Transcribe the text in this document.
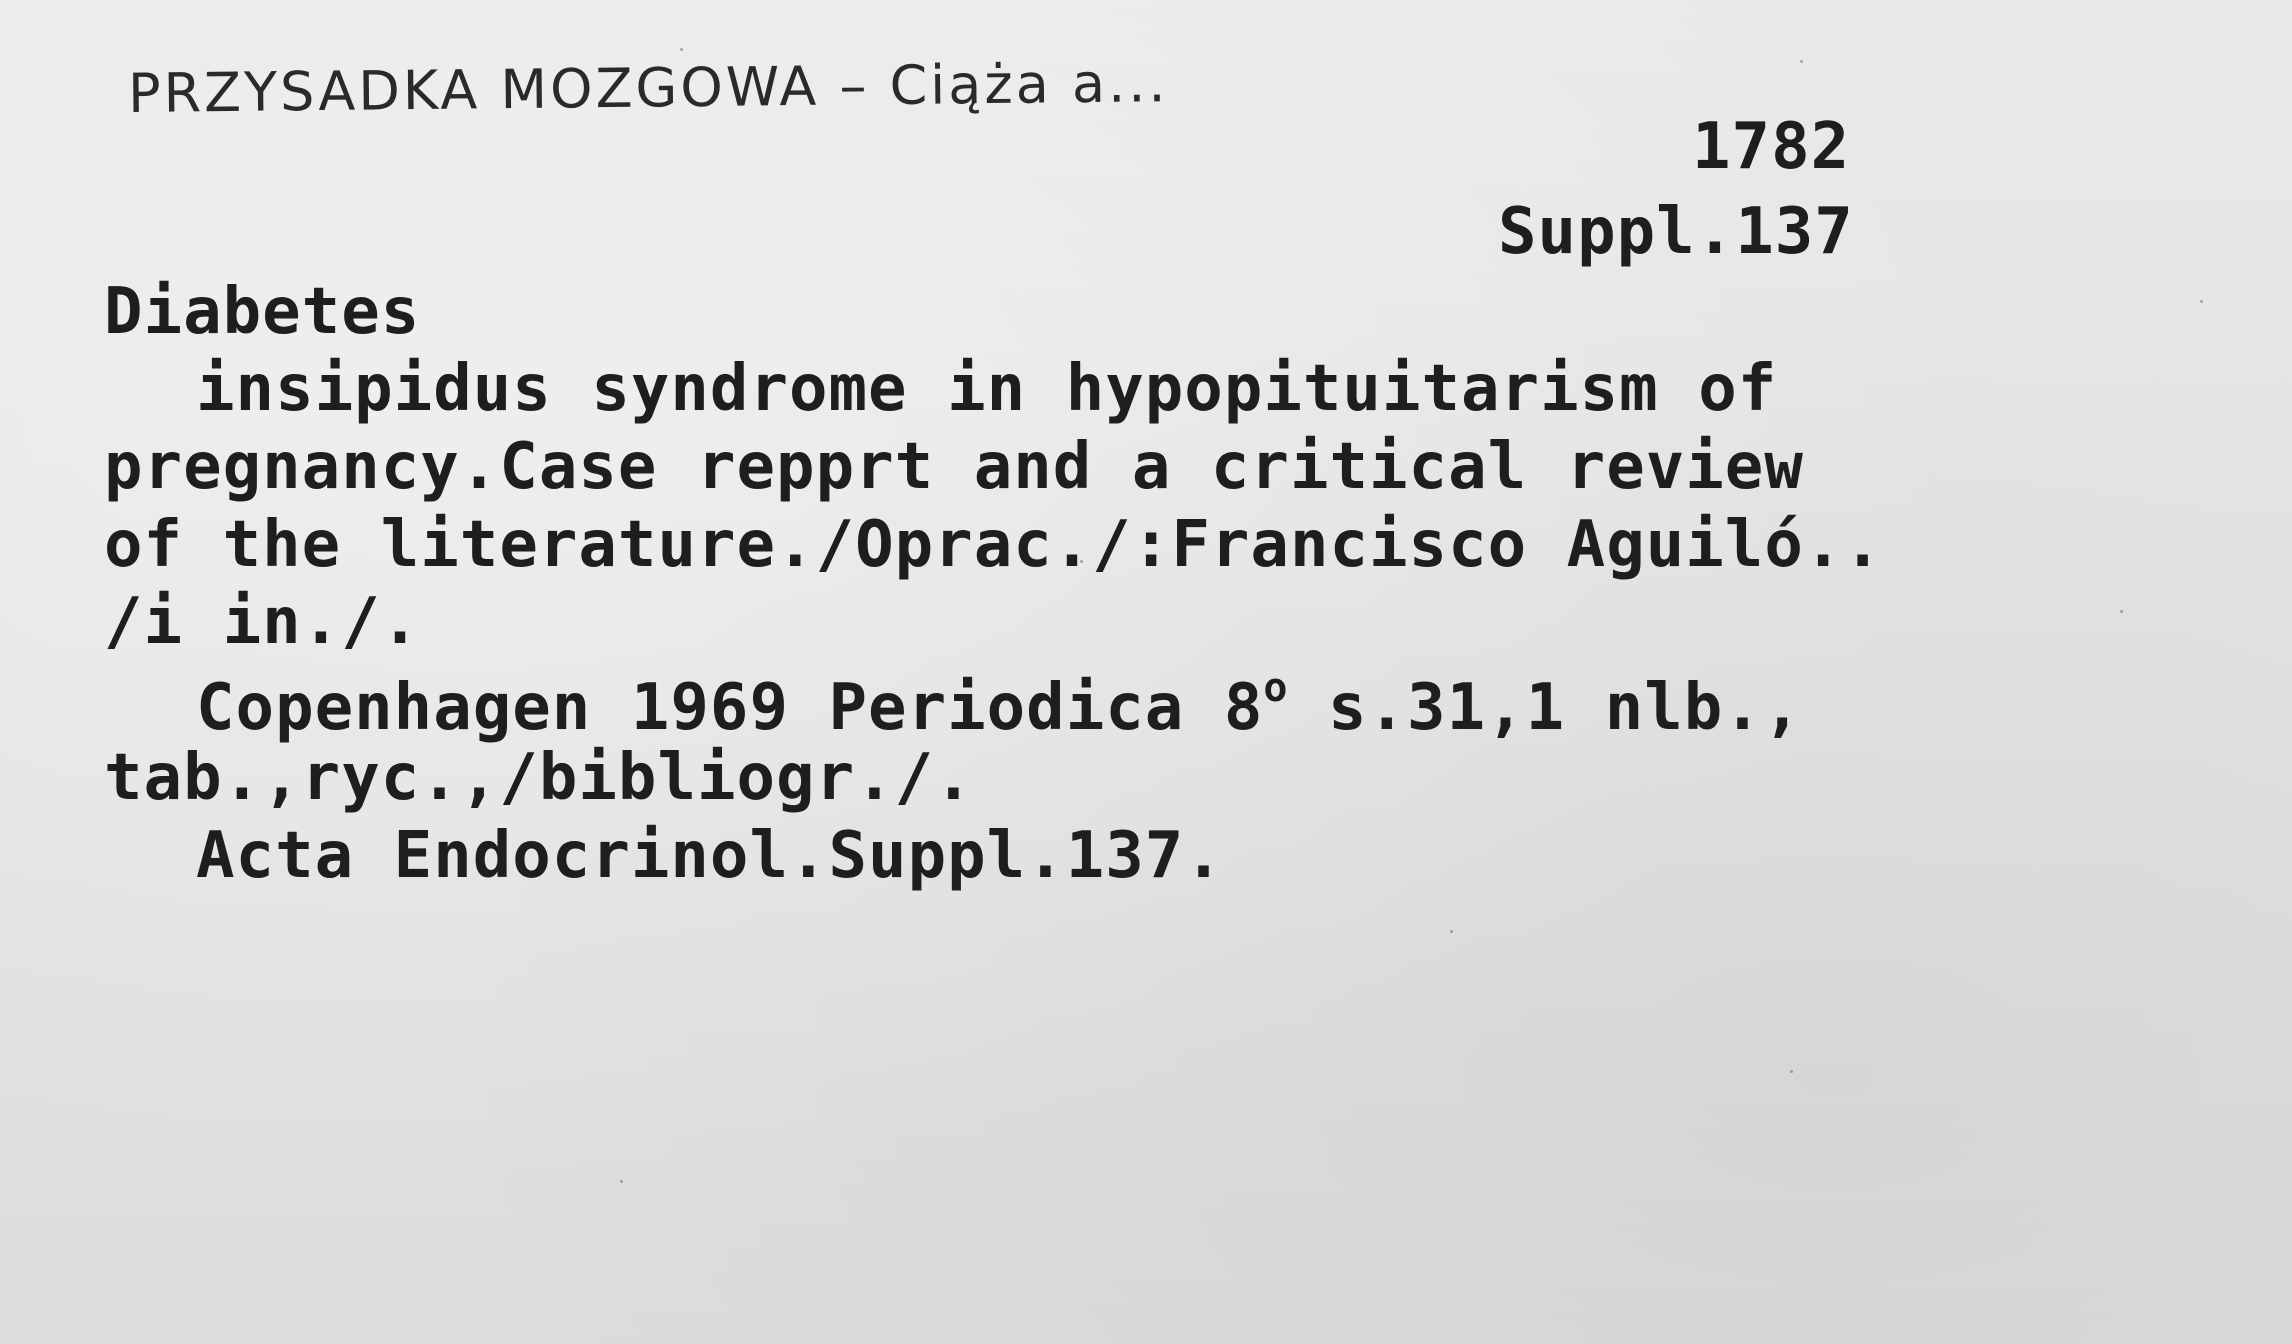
PRZYSADKA MOZGOWA – Ciąża a...
1782
Suppl.137
Diabetes
insipidus syndrome in hypopituitarism of
pregnancy.Case repprt and a critical review
of the literature./Oprac./:Francisco Aguiló..
/i in./.
Copenhagen 1969 Periodica 8$^o$ s.31,1 nlb.,
tab.,ryc.,/bibliogr./.
Acta Endocrinol.Suppl.137.
